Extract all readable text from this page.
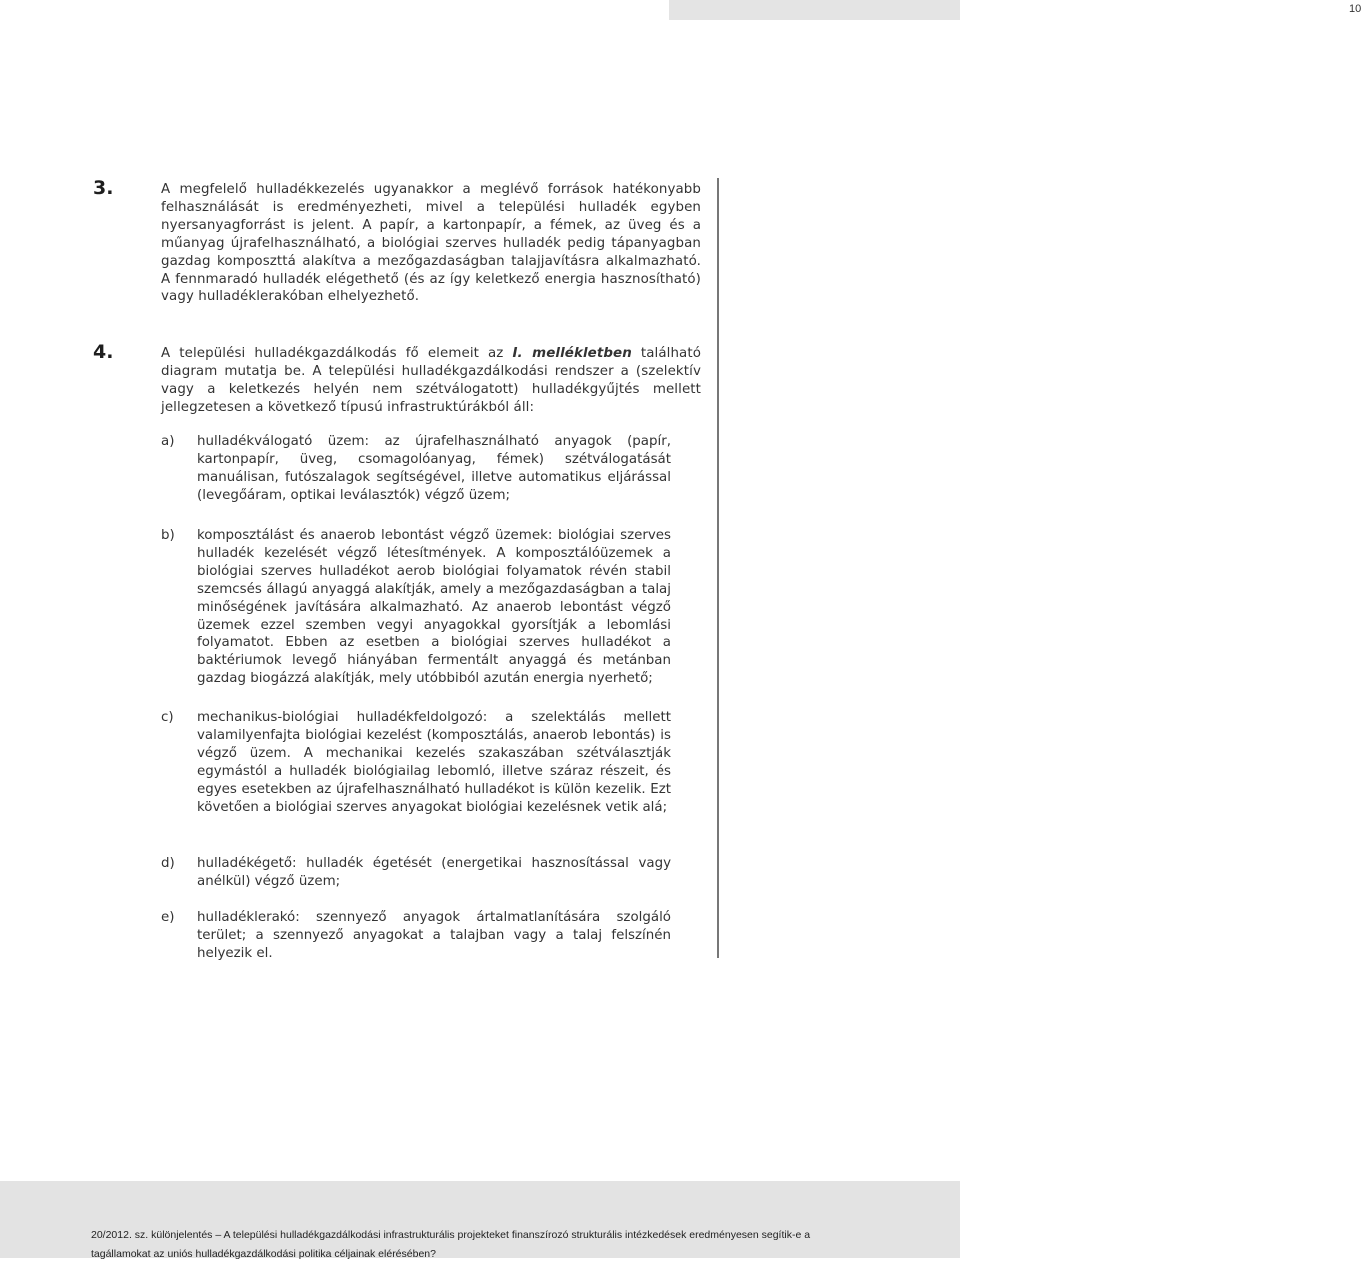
10
3.	A megfelelő hulladékkezelés ugyanakkor a meglévő források hatékonyabb felhasználását is eredményezheti, mivel a települési hulladék egyben nyersanyagforrást is jelent. A papír, a kartonpapír, a fémek, az üveg és a műanyag újrafelhasználható, a biológiai szerves hulladék pedig tápanyagban gazdag komposzttá alakítva a mezőgazdaságban talajjavításra alkalmazható. A fennmaradó hulladék elégethető (és az így keletkező energia hasznosítható) vagy hulladéklerakóban elhelyezhető.
4.	A települési hulladékgazdálkodás fő elemeit az I. mellékletben található diagram mutatja be. A települési hulladékgazdálkodási rendszer a (szelektív vagy a keletkezés helyén nem szétválogatott) hulladékgyűjtés mellett jellegzetesen a következő típusú infrastruktúrákból áll:
a) hulladékválogató üzem: az újrafelhasználható anyagok (papír, kartonpapír, üveg, csomagolóanyag, fémek) szétválogatását manuálisan, futószalagok segítségével, illetve automatikus eljárással (levegőáram, optikai leválasztók) végző üzem;
b) komposztálást és anaerob lebontást végző üzemek: biológiai szerves hulladék kezelését végző létesítmények. A komposztálóüzemek a biológiai szerves hulladékot aerob biológiai folyamatok révén stabil szemcsés állagú anyaggá alakítják, amely a mezőgazdaságban a talaj minőségének javítására alkalmazható. Az anaerob lebontást végző üzemek ezzel szemben vegyi anyagokkal gyorsítják a lebomlási folyamatot. Ebben az esetben a biológiai szerves hulladékot a baktériumok levegő hiányában fermentált anyaggá és metánban gazdag biogázzá alakítják, mely utóbbiból azután energia nyerhető;
c) mechanikus-biológiai hulladékfeldolgozó: a szelektálás mellett valamilyenfajta biológiai kezelést (komposztálás, anaerob lebontás) is végző üzem. A mechanikai kezelés szakaszában szétválasztják egymástól a hulladék biológiailag lebomló, illetve száraz részeit, és egyes esetekben az újrafelhasználható hulladékot is külön kezelik. Ezt követően a biológiai szerves anyagokat biológiai kezelésnek vetik alá;
d) hulladékégető: hulladék égetését (energetikai hasznosítással vagy anélkül) végző üzem;
e) hulladéklerakó: szennyező anyagok ártalmatlanítására szolgáló terület; a szennyező anyagokat a talajban vagy a talaj felszínén helyezik el.
20/2012. sz. különjelentés – A települési hulladékgazdálkodási infrastrukturális projekteket finanszírozó strukturális intézkedések eredményesen segítik-e a tagállamokat az uniós hulladékgazdálkodási politika céljainak elérésében?
